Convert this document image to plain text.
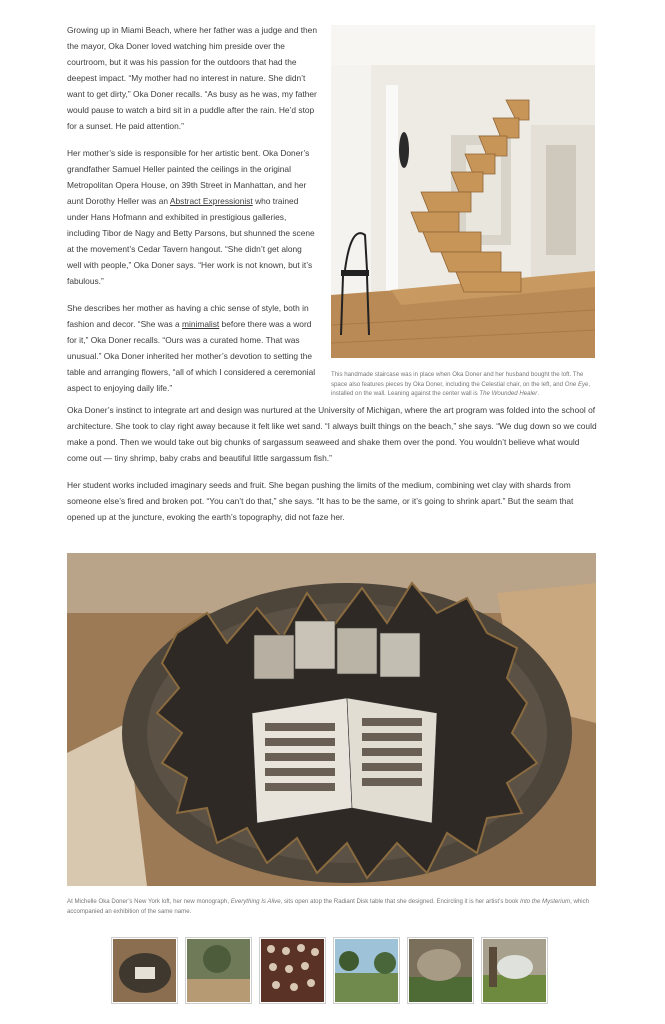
Growing up in Miami Beach, where her father was a judge and then the mayor, Oka Doner loved watching him preside over the courtroom, but it was his passion for the outdoors that had the deepest impact. “My mother had no interest in nature. She didn’t want to get dirty,” Oka Doner recalls. “As busy as he was, my father would pause to watch a bird sit in a puddle after the rain. He’d stop for a sunset. He paid attention.”

Her mother’s side is responsible for her artistic bent. Oka Doner’s grandfather Samuel Heller painted the ceilings in the original Metropolitan Opera House, on 39th Street in Manhattan, and her aunt Dorothy Heller was an Abstract Expressionist who trained under Hans Hofmann and exhibited in prestigious galleries, including Tibor de Nagy and Betty Parsons, but shunned the scene at the movement’s Cedar Tavern hangout. “She didn’t get along well with people,” Oka Doner says. “Her work is not known, but it’s fabulous.”

She describes her mother as having a chic sense of style, both in fashion and decor. “She was a minimalist before there was a word for it,” Oka Doner recalls. “Ours was a curated home. That was unusual.” Oka Doner inherited her mother’s devotion to setting the table and arranging flowers, “all of which I considered a ceremonial aspect to enjoying daily life.”

This handmade staircase was in place when Oka Doner and her husband bought the loft. The space also features pieces by Oka Doner, including the Celestial chair, on the left, and One Eye, installed on the wall. Leaning against the center wall is The Wounded Healer.

Oka Doner’s instinct to integrate art and design was nurtured at the University of Michigan, where the art program was folded into the school of architecture. She took to clay right away because it felt like wet sand. “I always built things on the beach,” she says. “We dug down so we could make a pond. Then we would take out big chunks of sargassum seaweed and shake them over the pond. You wouldn’t believe what would come out — tiny shrimp, baby crabs and beautiful little sargassum fish.”

Her student works included imaginary seeds and fruit. She began pushing the limits of the medium, combining wet clay with shards from someone else’s fired and broken pot. “You can’t do that,” she says. “It has to be the same, or it’s going to shrink apart.” But the seam that opened up at the juncture, evoking the earth’s topography, did not faze her.

At Michelle Oka Doner’s New York loft, her new monograph, Everything Is Alive, sits open atop the Radiant Disk table that she designed. Encircling it is her artist’s book Into the Mysterium, which accompanied an exhibition of the same name.
